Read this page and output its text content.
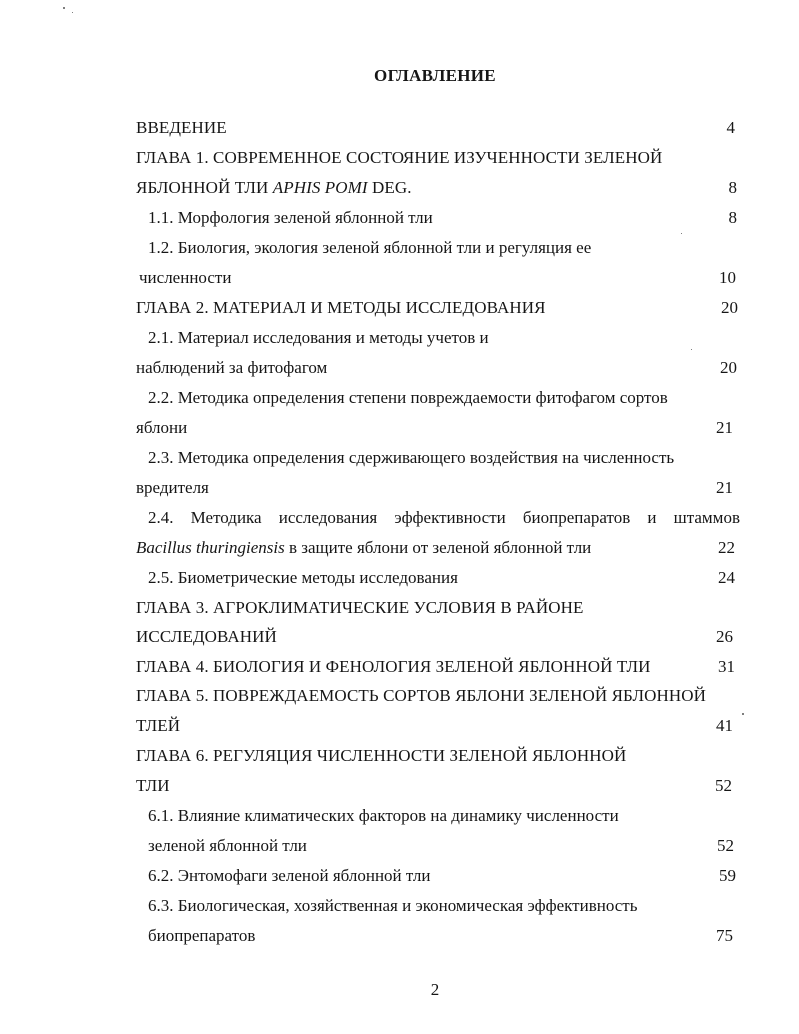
ОГЛАВЛЕНИЕ
ВВЕДЕНИЕ	4
ГЛАВА 1. СОВРЕМЕННОЕ СОСТОЯНИЕ ИЗУЧЕННОСТИ ЗЕЛЕНОЙ
ЯБЛОННОЙ ТЛИ APHIS POMI DEG.	8
1.1. Морфология зеленой яблонной тли	8
1.2. Биология, экология зеленой яблонной тли и регуляция ее
численности	10
ГЛАВА 2. МАТЕРИАЛ И МЕТОДЫ ИССЛЕДОВАНИЯ	20
2.1. Материал исследования и методы учетов и
наблюдений за фитофагом	20
2.2. Методика определения степени повреждаемости фитофагом сортов
яблони	21
2.3. Методика определения сдерживающего воздействия на численность
вредителя	21
2.4. Методика исследования эффективности биопрепаратов и штаммов
Bacillus thuringiensis в защите яблони от зеленой яблонной тли	22
2.5. Биометрические методы исследования	24
ГЛАВА 3. АГРОКЛИМАТИЧЕСКИЕ УСЛОВИЯ В РАЙОНЕ
ИССЛЕДОВАНИЙ	26
ГЛАВА 4. БИОЛОГИЯ И ФЕНОЛОГИЯ ЗЕЛЕНОЙ ЯБЛОННОЙ ТЛИ	31
ГЛАВА 5. ПОВРЕЖДАЕМОСТЬ СОРТОВ ЯБЛОНИ ЗЕЛЕНОЙ ЯБЛОННОЙ
ТЛЕЙ	41
ГЛАВА 6. РЕГУЛЯЦИЯ ЧИСЛЕННОСТИ ЗЕЛЕНОЙ ЯБЛОННОЙ
ТЛИ	52
6.1. Влияние климатических факторов на динамику численности
зеленой яблонной тли	52
6.2. Энтомофаги зеленой яблонной тли	59
6.3. Биологическая, хозяйственная и экономическая эффективность
биопрепаратов	75
2
